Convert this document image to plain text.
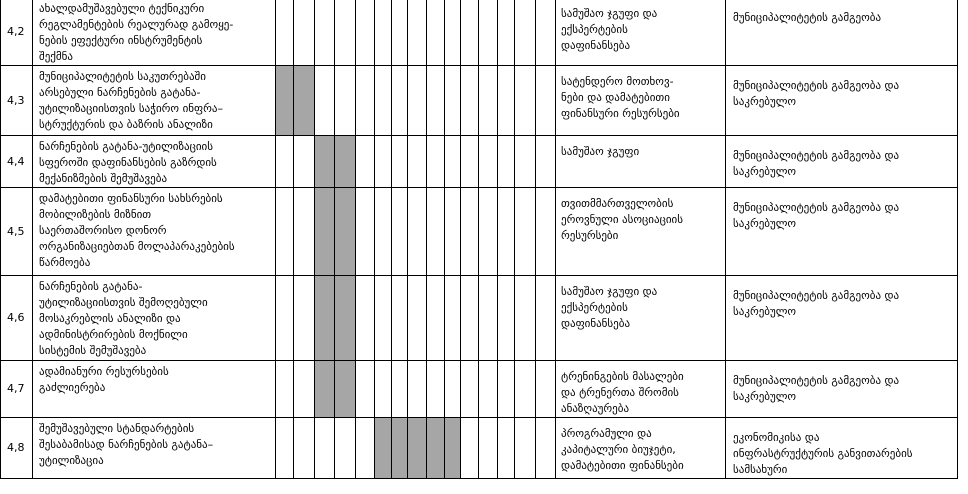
4,2	ახალდამუშავებული ტექნიკური
რეგლამენტების რეალურად გამოყე-
ნების ეფექტური ინსტრუმენტის
შექმნა																სამუშაო ჯგუფი და
ექსპერტების
დაფინანსება	მუნიციპალიტეტის გამგეობა

4,3	მუნიციპალიტეტის საკუთრებაში
არსებული ნარჩენების გატანა-
უტილიზაციისთვის საჭირო ინფრა–
სტრუქტურის და ბაზრის ანალიზი																სატენდერო მოთხოვ-
ნები და დამატებითი
ფინანსური რესურსები	მუნიციპალიტეტის გამგეობა და
საკრებულო

4,4	ნარჩენების გატანა-უტილიზაციის
სფეროში დაფინანსების გაზრდის
მექანიზმების შემუშავება																სამუშაო ჯგუფი	მუნიციპალიტეტის გამგეობა და
საკრებულო

4,5	დამატებითი ფინანსური სახსრების
მობილიზების მიზნით
საერთაშორისო დონორ
ორგანიზაციებთან მოლაპარაკებების
წარმოება																თვითმმართველობის
ეროვნული ასოციაციის
რესურსები	მუნიციპალიტეტის გამგეობა და
საკრებულო

4,6	ნარჩენების გატანა-
უტილიზაციისთვის შემოღებული
მოსაკრებლის ანალიზი და
ადმინისტრირების მოქნილი
სისტემის შემუშავება																სამუშაო ჯგუფი და
ექსპერტების
დაფინანსება	მუნიციპალიტეტის გამგეობა და
საკრებულო

4,7	ადამიანური რესურსების
გაძლიერება																ტრენინგების მასალები
და ტრენერთა შრომის
ანაზღაურება	მუნიციპალიტეტის გამგეობა და
საკრებულო

4,8	შემუშავებული სტანდარტების
შესაბამისად ნარჩენების გატანა–
უტილიზაცია																პროგრამული და
კაპიტალური ბიუჯეტი,
დამატებითი ფინანსები	ეკონომიკისა და
ინფრასტრუქტურის განვითარების
სამსახური
